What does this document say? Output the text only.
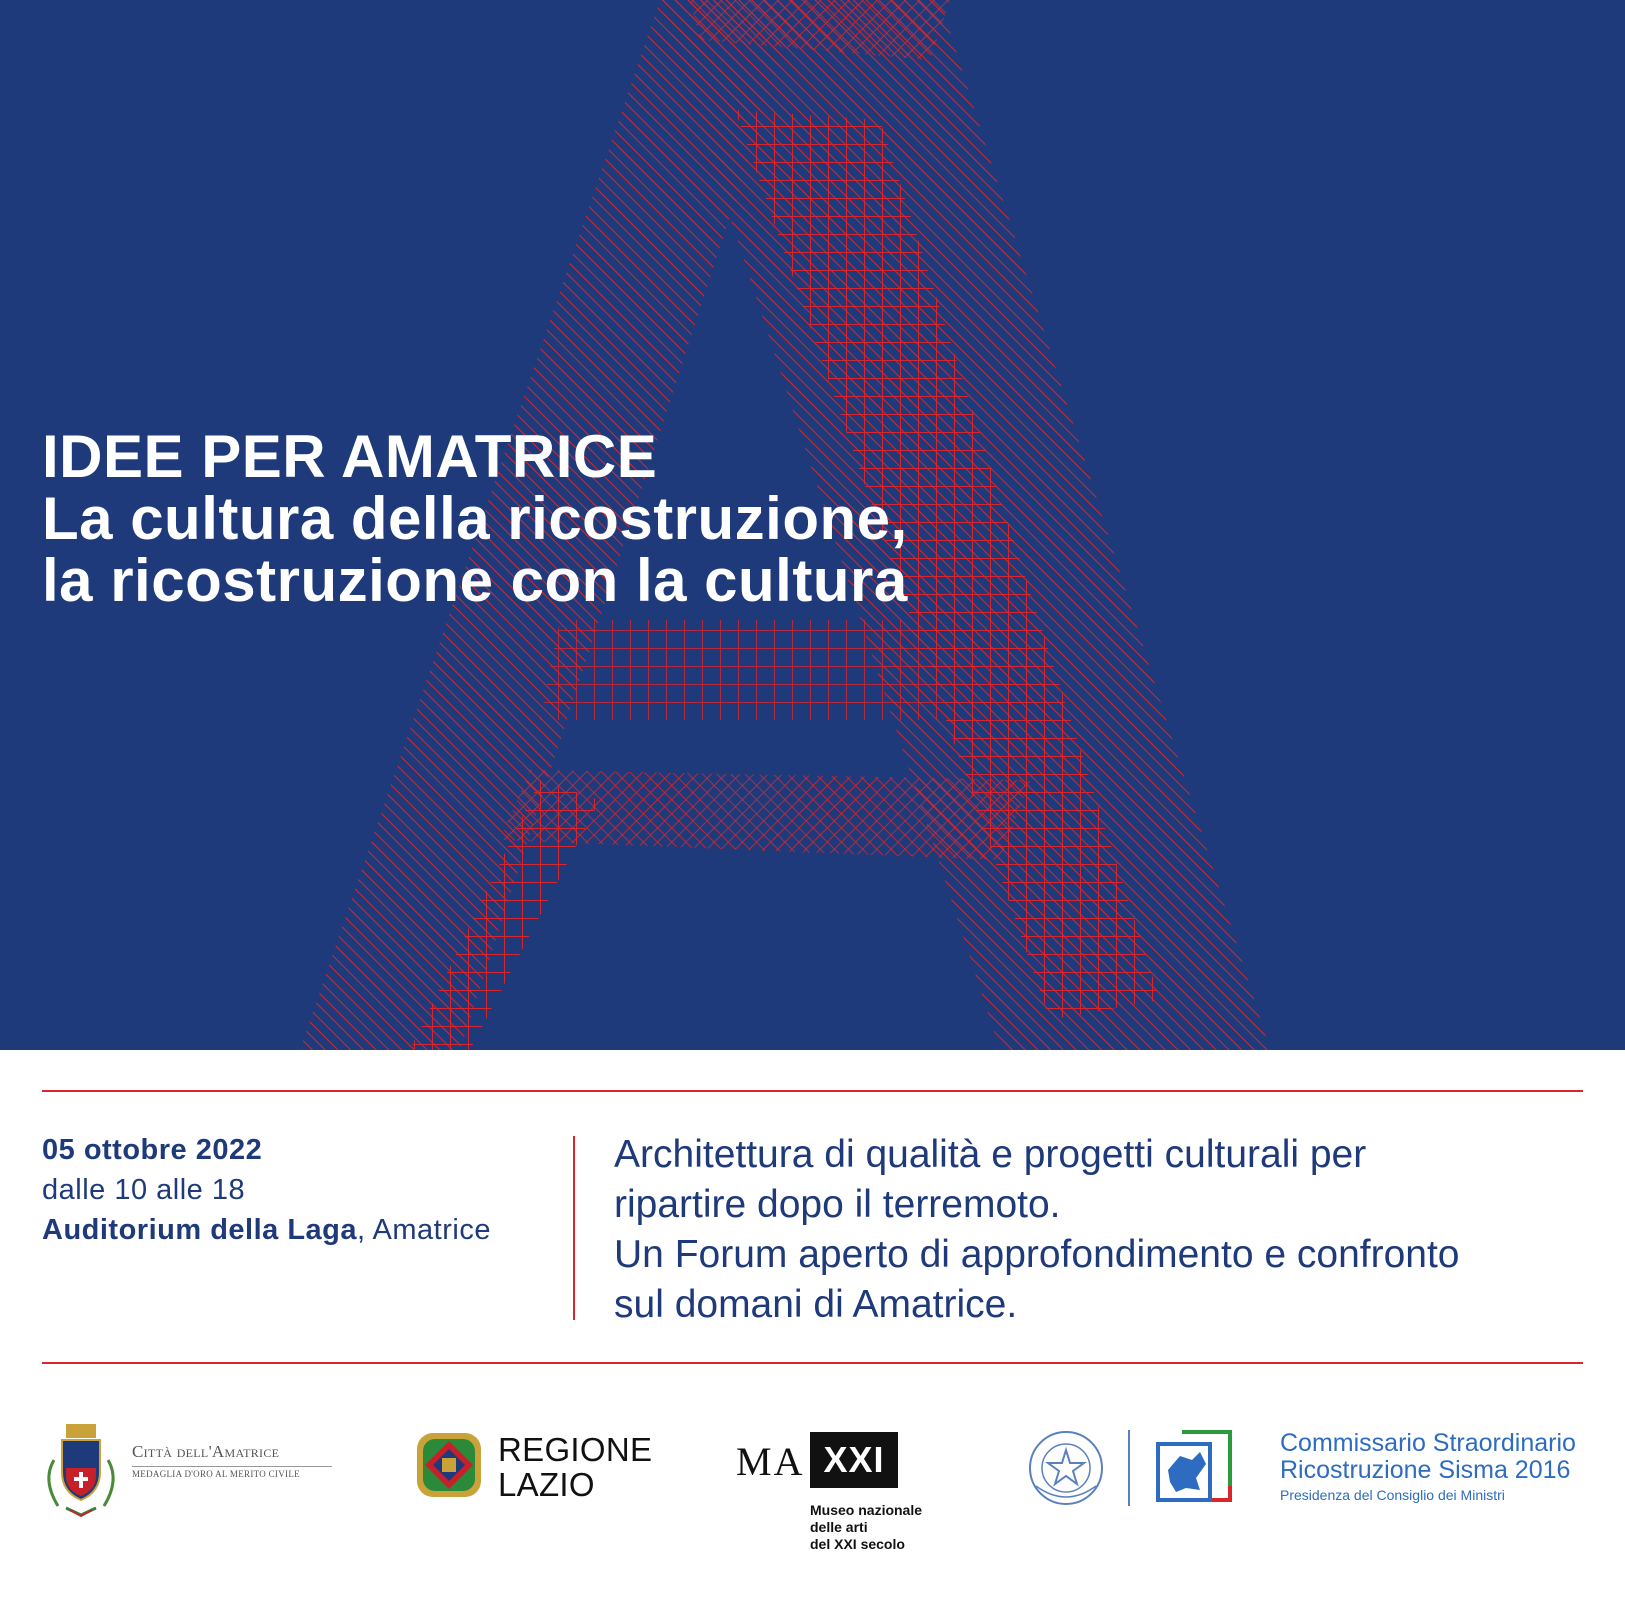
IDEE PER AMATRICE
La cultura della ricostruzione,
la ricostruzione con la cultura
05 ottobre 2022
dalle 10 alle 18
Auditorium della Laga, Amatrice

Architettura di qualità e progetti culturali per

ripartire dopo il terremoto.

Un Forum aperto di approfondimento e confronto

sul domani di Amatrice.

Città dell'Amatrice
MEDAGLIA D'ORO AL MERITO CIVILE
REGIONE
LAZIO
MA XXI
Museo nazionale
delle arti
del XXI secolo
Commissario Straordinario
Ricostruzione Sisma 2016
Presidenza del Consiglio dei Ministri
